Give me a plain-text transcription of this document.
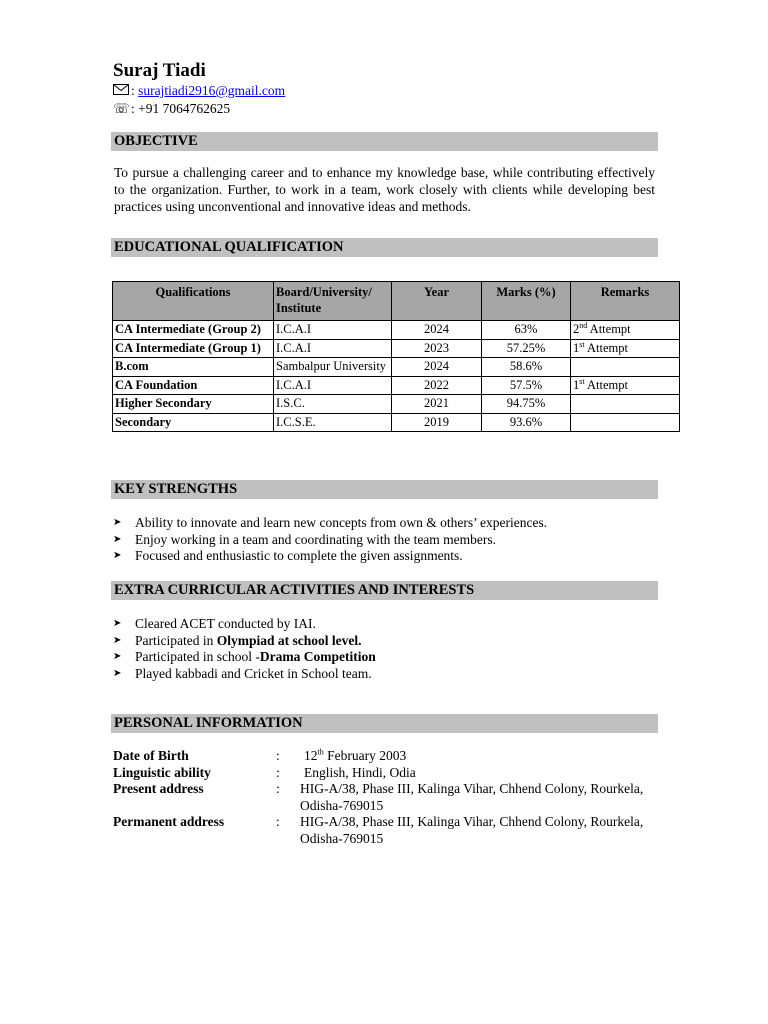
Suraj Tiadi
: surajtiadi2916@gmail.com
☏: +91 7064762625
OBJECTIVE
To pursue a challenging career and to enhance my knowledge base, while contributing effectively to the organization. Further, to work in a team, work closely with clients while developing best practices using unconventional and innovative ideas and methods.
EDUCATIONAL QUALIFICATION
Qualifications	Board/University/ Institute	Year	Marks (%)	Remarks
CA Intermediate (Group 2)	I.C.A.I	2024	63%	2nd Attempt
CA Intermediate (Group 1)	I.C.A.I	2023	57.25%	1st Attempt
B.com	Sambalpur University	2024	58.6%	
CA Foundation	I.C.A.I	2022	57.5%	1st Attempt
Higher Secondary	I.S.C.	2021	94.75%	
Secondary	I.C.S.E.	2019	93.6%	
KEY STRENGTHS
➤ Ability to innovate and learn new concepts from own & others’ experiences.
➤ Enjoy working in a team and coordinating with the team members.
➤ Focused and enthusiastic to complete the given assignments.
EXTRA CURRICULAR ACTIVITIES AND INTERESTS
➤ Cleared ACET conducted by IAI.
➤ Participated in Olympiad at school level.
➤ Participated in school -Drama Competition
➤ Played kabbadi and Cricket in School team.
PERSONAL INFORMATION
Date of Birth	: 12th February 2003
Linguistic ability	: English, Hindi, Odia
Present address	: HIG-A/38, Phase III, Kalinga Vihar, Chhend Colony, Rourkela, Odisha-769015
Permanent address	: HIG-A/38, Phase III, Kalinga Vihar, Chhend Colony, Rourkela, Odisha-769015
